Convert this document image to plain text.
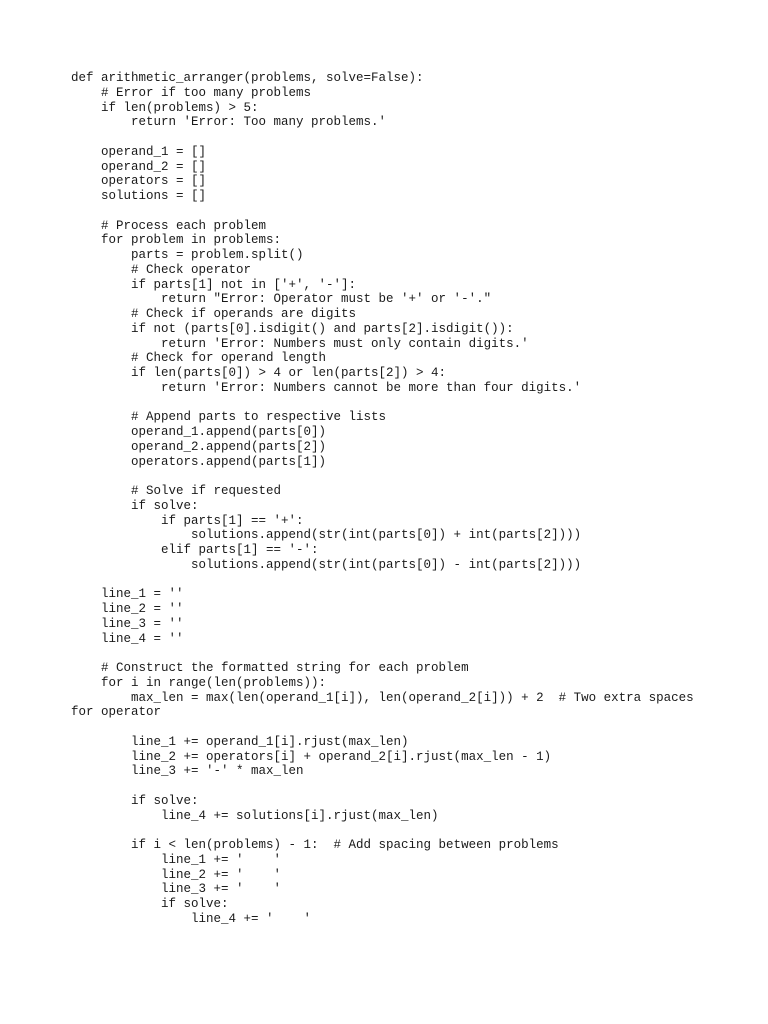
def arithmetic_arranger(problems, solve=False):
# Error if too many problems
if len(problems) > 5:
return 'Error: Too many problems.'
operand_1 = []
operand_2 = []
operators = []
solutions = []
# Process each problem
for problem in problems:
parts = problem.split()
# Check operator
if parts[1] not in ['+', '-']:
return "Error: Operator must be '+' or '-'."
# Check if operands are digits
if not (parts[0].isdigit() and parts[2].isdigit()):
return 'Error: Numbers must only contain digits.'
# Check for operand length
if len(parts[0]) > 4 or len(parts[2]) > 4:
return 'Error: Numbers cannot be more than four digits.'
# Append parts to respective lists
operand_1.append(parts[0])
operand_2.append(parts[2])
operators.append(parts[1])
# Solve if requested
if solve:
if parts[1] == '+':
solutions.append(str(int(parts[0]) + int(parts[2])))
elif parts[1] == '-':
solutions.append(str(int(parts[0]) - int(parts[2])))
line_1 = ''
line_2 = ''
line_3 = ''
line_4 = ''
# Construct the formatted string for each problem
for i in range(len(problems)):
max_len = max(len(operand_1[i]), len(operand_2[i])) + 2  # Two extra spaces
for operator
line_1 += operand_1[i].rjust(max_len)
line_2 += operators[i] + operand_2[i].rjust(max_len - 1)
line_3 += '-' * max_len
if solve:
line_4 += solutions[i].rjust(max_len)
if i < len(problems) - 1:  # Add spacing between problems
line_1 += '    '
line_2 += '    '
line_3 += '    '
if solve:
line_4 += '    '
